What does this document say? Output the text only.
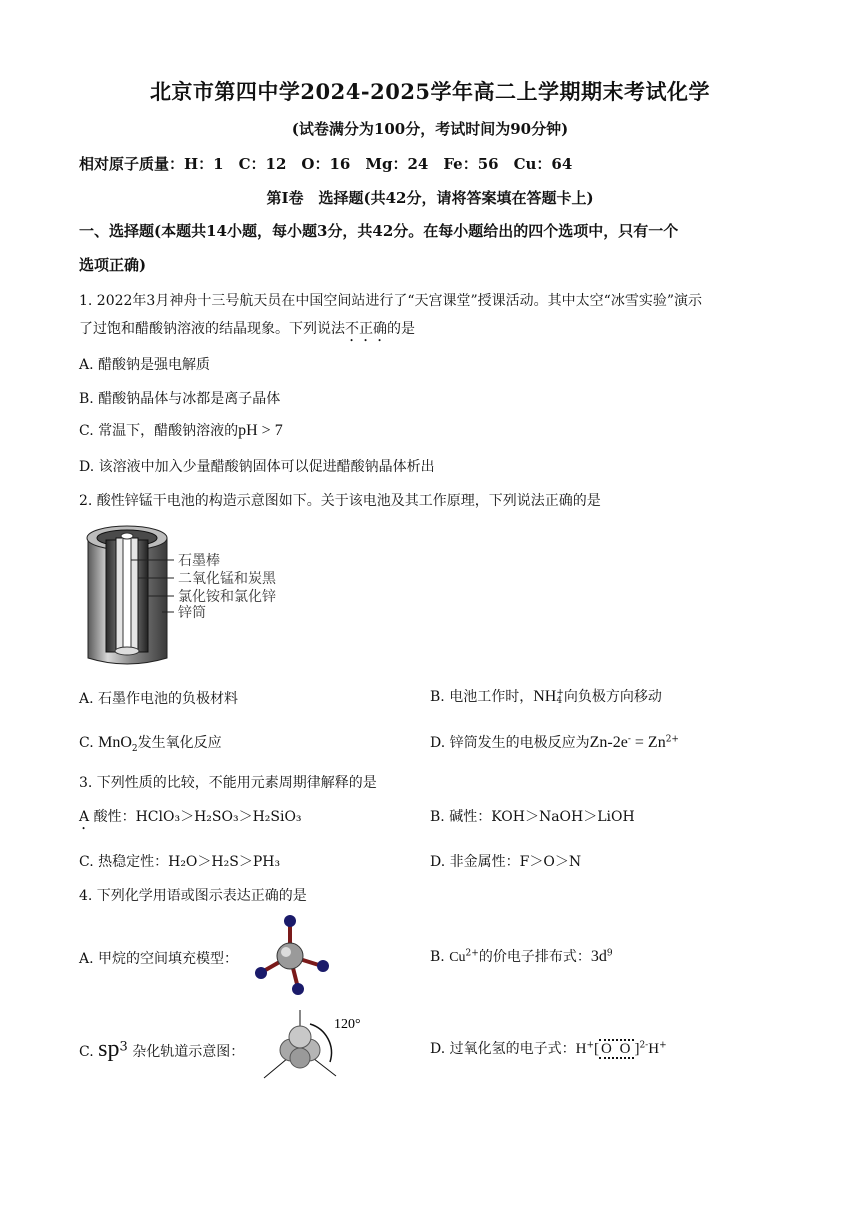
北京市第四中学2024-2025学年高二上学期期末考试化学
(试卷满分为100分，考试时间为90分钟)
相对原子质量：H：1　C：12　O：16　Mg：24　Fe：56　Cu：64
第Ⅰ卷　选择题(共42分，请将答案填在答题卡上)
一、选择题(本题共14小题，每小题3分，共42分。在每小题给出的四个选项中，只有一个
选项正确)
1. 2022年3月神舟十三号航天员在中国空间站进行了“天宫课堂”授课活动。其中太空“冰雪实验”演示
了过饱和醋酸钠溶液的结晶现象。下列说法不正确的是
A. 醋酸钠是强电解质
B. 醋酸钠晶体与冰都是离子晶体
C. 常温下，醋酸钠溶液的pH > 7
D. 该溶液中加入少量醋酸钠固体可以促进醋酸钠晶体析出
2. 酸性锌锰干电池的构造示意图如下。关于该电池及其工作原理，下列说法正确的是
石墨棒
二氧化锰和炭黑
氯化铵和氯化锌
锌筒
A. 石墨作电池的负极材料	B. 电池工作时，NH+
4 向负极方向移动
C. MnO$_2$发生氧化反应	D. 锌筒发生的电极反应为$Zn-2e^- = Zn^{2+}$
3. 下列性质的比较，不能用元素周期律解释的是
A 酸性：HClO₃＞H₂SO₃＞H₂SiO₃	B. 碱性：KOH＞NaOH＞LiOH
C. 热稳定性：H₂O＞H₂S＞PH₃	D. 非金属性：F＞O＞N
4. 下列化学用语或图示表达正确的是
A. 甲烷的空间填充模型：	B. $Cu^{2+}$的价电子排布式：$3d^9$
C. $sp^3$ 杂化轨道示意图：
120°
D. 过氧化氢的电子式：H+[ O O ]$^{2-}$H+
